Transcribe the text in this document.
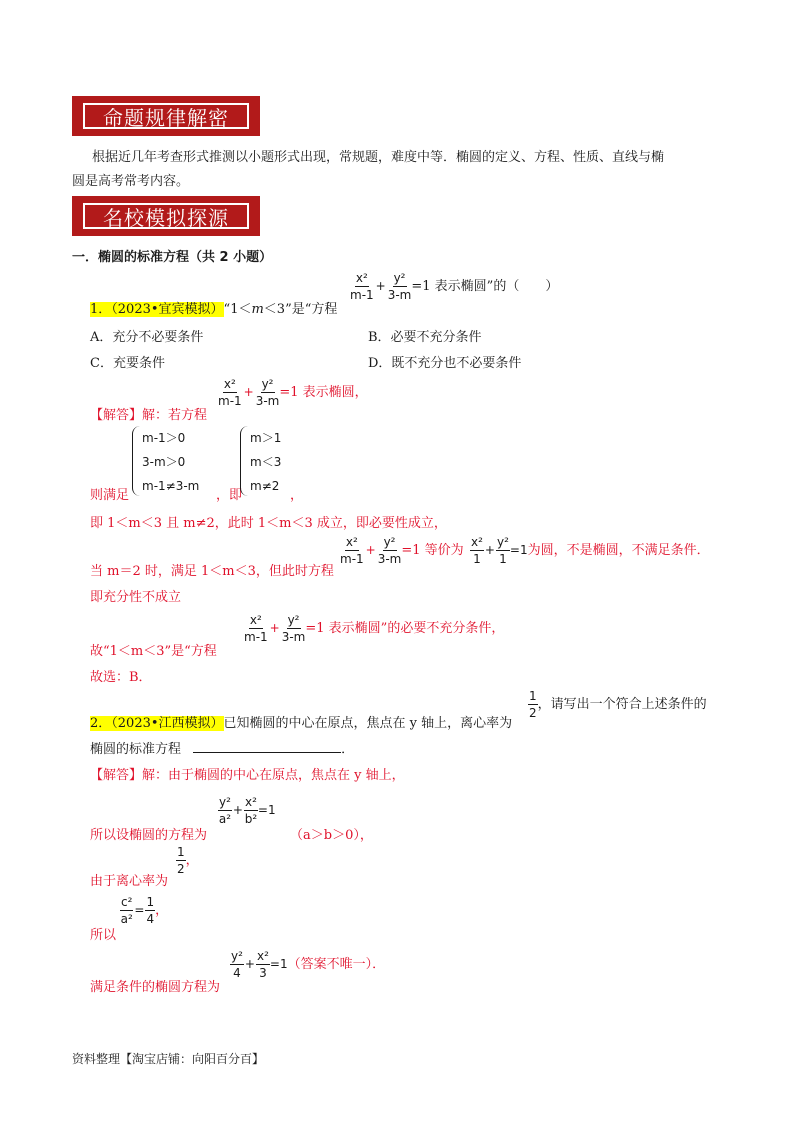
命题规律解密
根据近几年考查形式推测以小题形式出现，常规题，难度中等．椭圆的定义、方程、性质、直线与椭
圆是高考常考内容。
名校模拟探源
一．椭圆的标准方程（共 2 小题）
1．（2023•宜宾模拟）“1＜m＜3”是“方程
$\frac{\text{x²}}{m-1} + \frac{\text{y²}}{3-m} =1$ 表示椭圆”的（　　）
A．充分不必要条件	B．必要不充分条件
C．充要条件	D．既不充分也不必要条件
【解答】解：若方程
$\frac{\text{x²}}{m-1} + \frac{\text{y²}}{3-m} =1$ 表示椭圆，
则满足
m-1＞0
3-m＞0
m-1≠3-m
，即
m＞1
m＜3
m≠2
，
即 1＜m＜3 且 m≠2，此时 1＜m＜3 成立，即必要性成立，
当 m＝2 时，满足 1＜m＜3，但此时方程
$\frac{\text{x²}}{m-1} + \frac{\text{y²}}{3-m} =1$ 等价为 $\frac{\text{x²}}{1} + \frac{\text{y²}}{1} =1$为圆，不是椭圆，不满足条件．
即充分性不成立
故“1＜m＜3”是“方程
$\frac{\text{x²}}{m-1} + \frac{\text{y²}}{3-m} =1$ 表示椭圆”的必要不充分条件，
故选：B．
2．（2023•江西模拟）已知椭圆的中心在原点，焦点在 y 轴上，离心率为
$\frac{1}{2}$ ，请写出一个符合上述条件的
椭圆的标准方程	．
【解答】解：由于椭圆的中心在原点，焦点在 y 轴上，
所以设椭圆的方程为
$\frac{\text{y²}}{\text{a²}} + \frac{\text{x²}}{\text{b²}} =1$
（a＞b＞0），
由于离心率为
$\frac{1}{2}$ ，
所以
$\frac{\text{c²}}{\text{a²}} = \frac{1}{4}$ ，
满足条件的椭圆方程为
$\frac{\text{y²}}{4} + \frac{\text{x²}}{3} =1$（答案不唯一）．
资料整理【淘宝店铺：向阳百分百】
